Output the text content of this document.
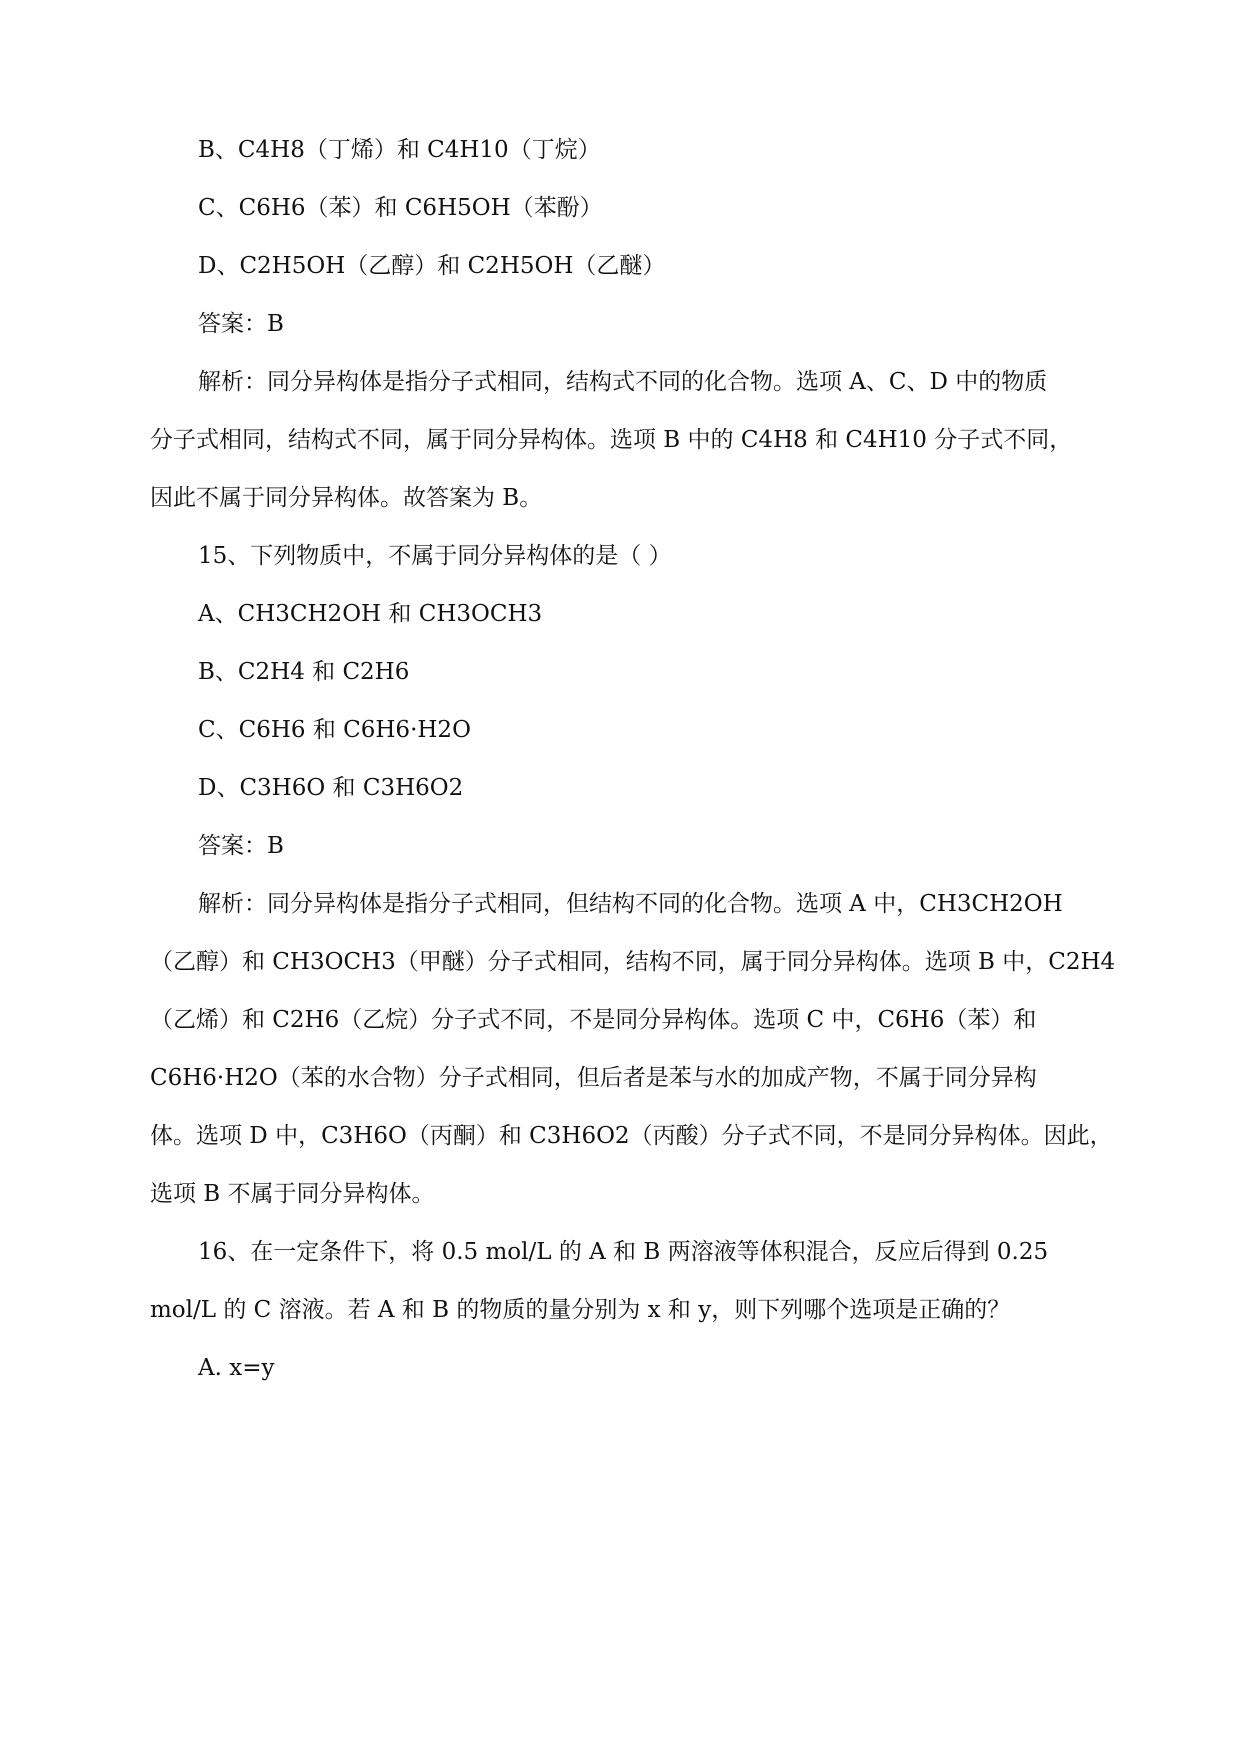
B、C4H8（丁烯）和 C4H10（丁烷）
C、C6H6（苯）和 C6H5OH（苯酚）
D、C2H5OH（乙醇）和 C2H5OH（乙醚）
答案：B
解析：同分异构体是指分子式相同，结构式不同的化合物。选项 A、C、D 中的物质
分子式相同，结构式不同，属于同分异构体。选项 B 中的 C4H8 和 C4H10 分子式不同，
因此不属于同分异构体。故答案为 B。
15、下列物质中，不属于同分异构体的是（ ）
A、CH3CH2OH 和 CH3OCH3
B、C2H4 和 C2H6
C、C6H6 和 C6H6·H2O
D、C3H6O 和 C3H6O2
答案：B
解析：同分异构体是指分子式相同，但结构不同的化合物。选项 A 中，CH3CH2OH
（乙醇）和 CH3OCH3（甲醚）分子式相同，结构不同，属于同分异构体。选项 B 中，C2H4
（乙烯）和 C2H6（乙烷）分子式不同，不是同分异构体。选项 C 中，C6H6（苯）和
C6H6·H2O（苯的水合物）分子式相同，但后者是苯与水的加成产物，不属于同分异构
体。选项 D 中，C3H6O（丙酮）和 C3H6O2（丙酸）分子式不同，不是同分异构体。因此，
选项 B 不属于同分异构体。
16、在一定条件下，将 0.5 mol/L 的 A 和 B 两溶液等体积混合，反应后得到 0.25
mol/L 的 C 溶液。若 A 和 B 的物质的量分别为 x 和 y，则下列哪个选项是正确的？
A. x=y
